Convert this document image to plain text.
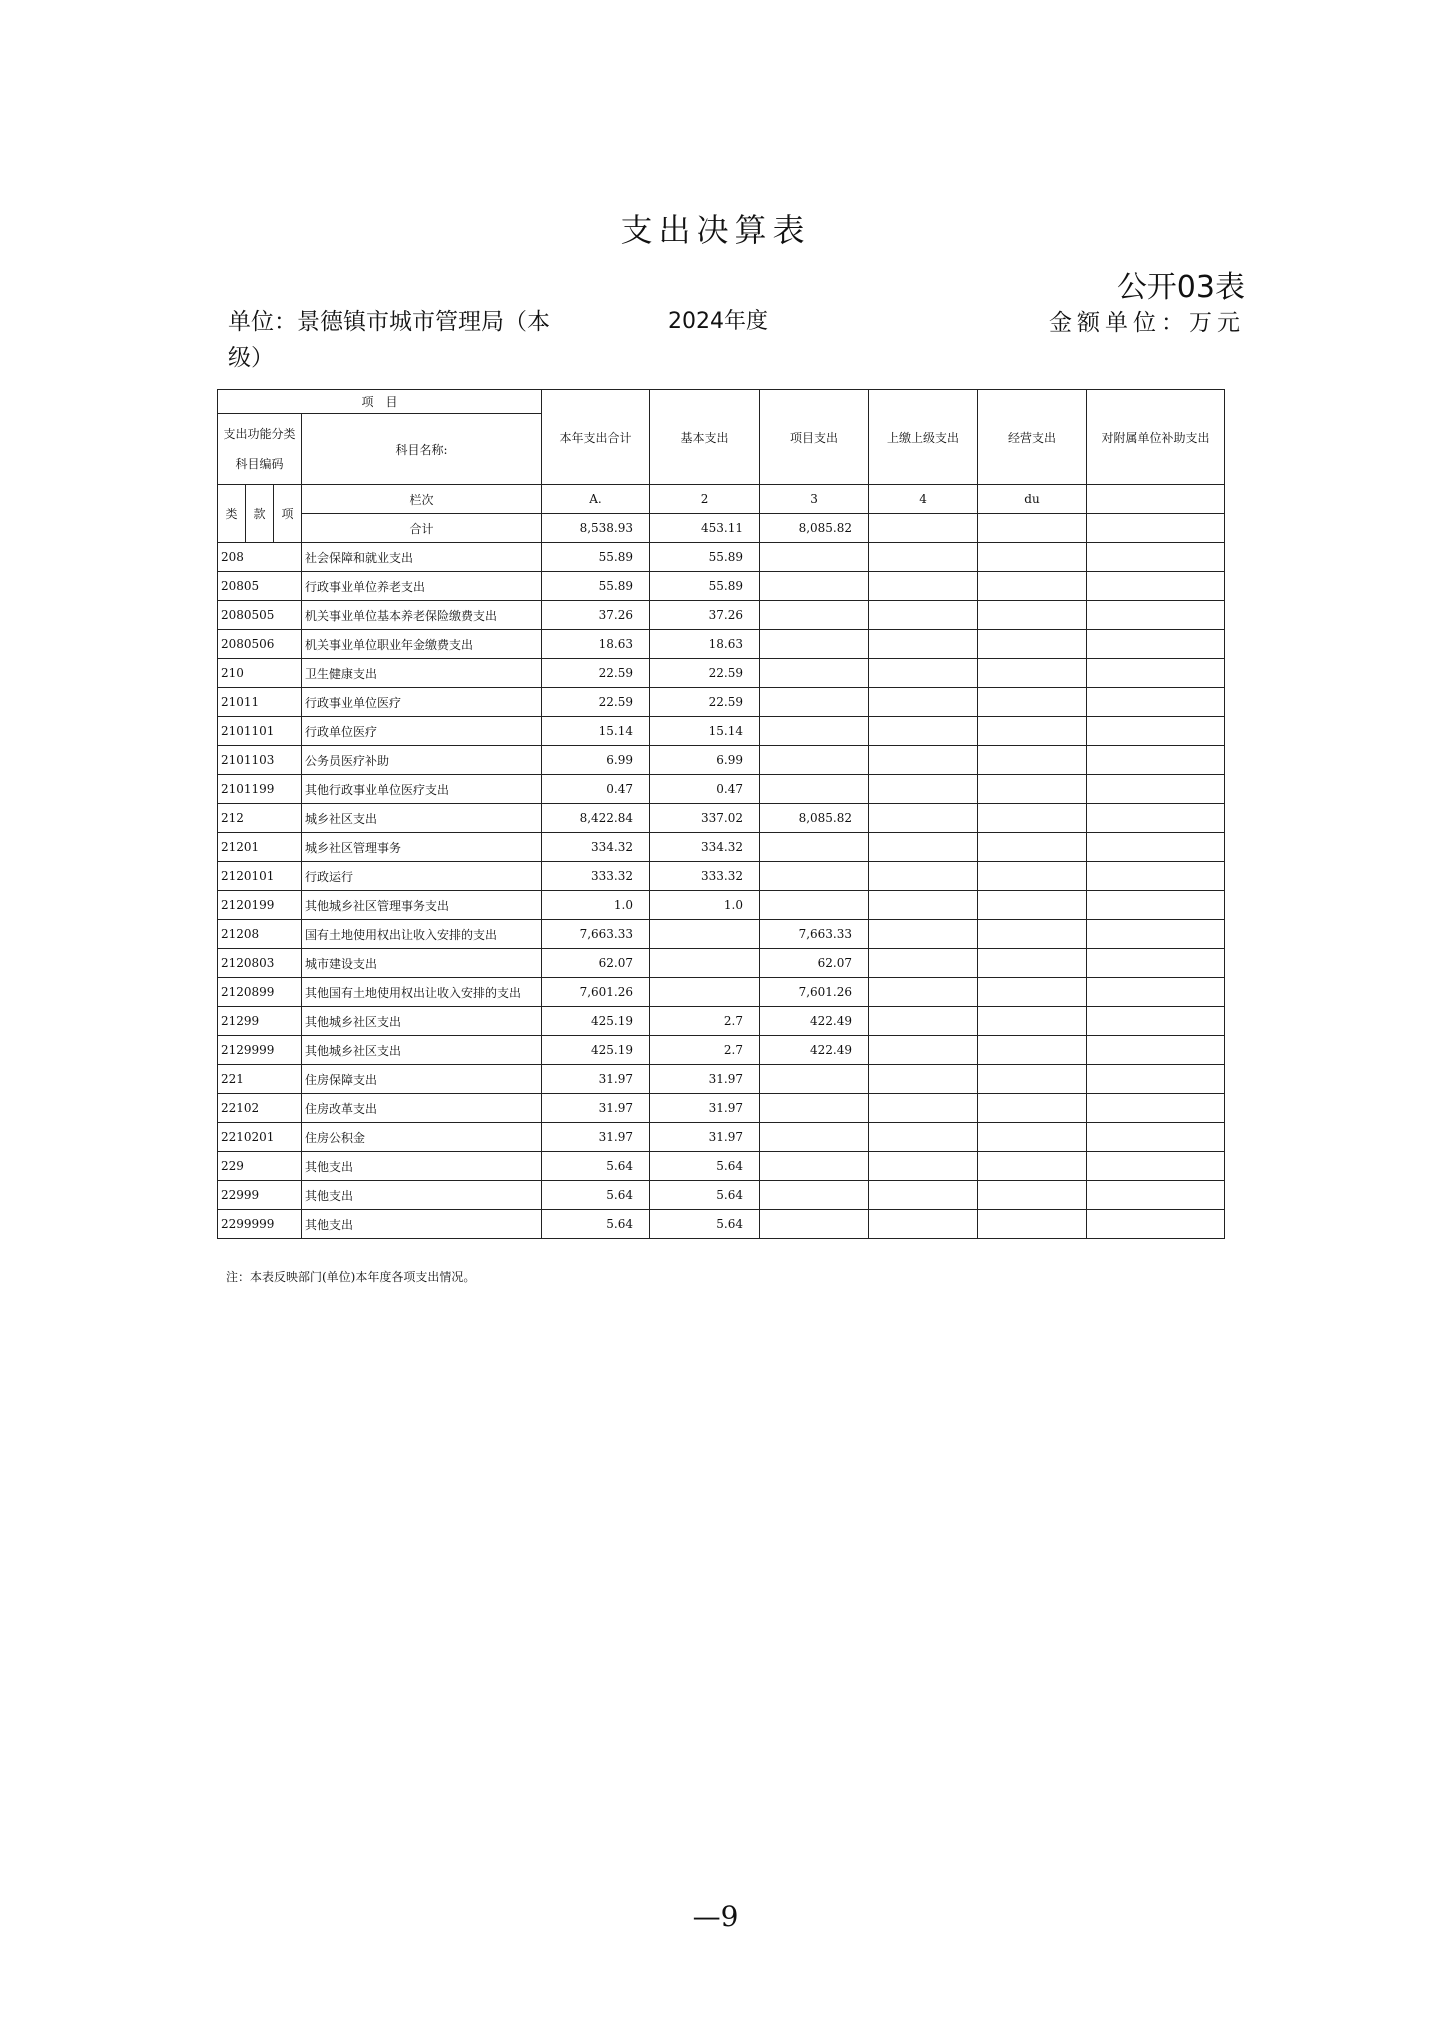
支出决算表
公开03表
单位：景德镇市城市管理局（本级）
2024年度	金额单位：万元
项　目				本年支出合计	基本支出	项目支出	上缴上级支出	经营支出	对附属单位补助支出
支出功能分类科目编码			科目名称:						
类	款	项	栏次	A.	2	3	4	du	
			合计	8,538.93	453.11	8,085.82			
208			社会保障和就业支出	55.89	55.89				
20805			行政事业单位养老支出	55.89	55.89				
2080505			机关事业单位基本养老保险缴费支出	37.26	37.26				
2080506			机关事业单位职业年金缴费支出	18.63	18.63				
210			卫生健康支出	22.59	22.59				
21011			行政事业单位医疗	22.59	22.59				
2101101			行政单位医疗	15.14	15.14				
2101103			公务员医疗补助	6.99	6.99				
2101199			其他行政事业单位医疗支出	0.47	0.47				
212			城乡社区支出	8,422.84	337.02	8,085.82			
21201			城乡社区管理事务	334.32	334.32				
2120101			行政运行	333.32	333.32				
2120199			其他城乡社区管理事务支出	1.0	1.0				
21208			国有土地使用权出让收入安排的支出	7,663.33		7,663.33			
2120803			城市建设支出	62.07		62.07			
2120899			其他国有土地使用权出让收入安排的支出	7,601.26		7,601.26			
21299			其他城乡社区支出	425.19	2.7	422.49			
2129999			其他城乡社区支出	425.19	2.7	422.49			
221			住房保障支出	31.97	31.97				
22102			住房改革支出	31.97	31.97				
2210201			住房公积金	31.97	31.97				
229			其他支出	5.64	5.64				
22999			其他支出	5.64	5.64				
2299999			其他支出	5.64	5.64				
注：本表反映部门(单位)本年度各项支出情况。
—9
